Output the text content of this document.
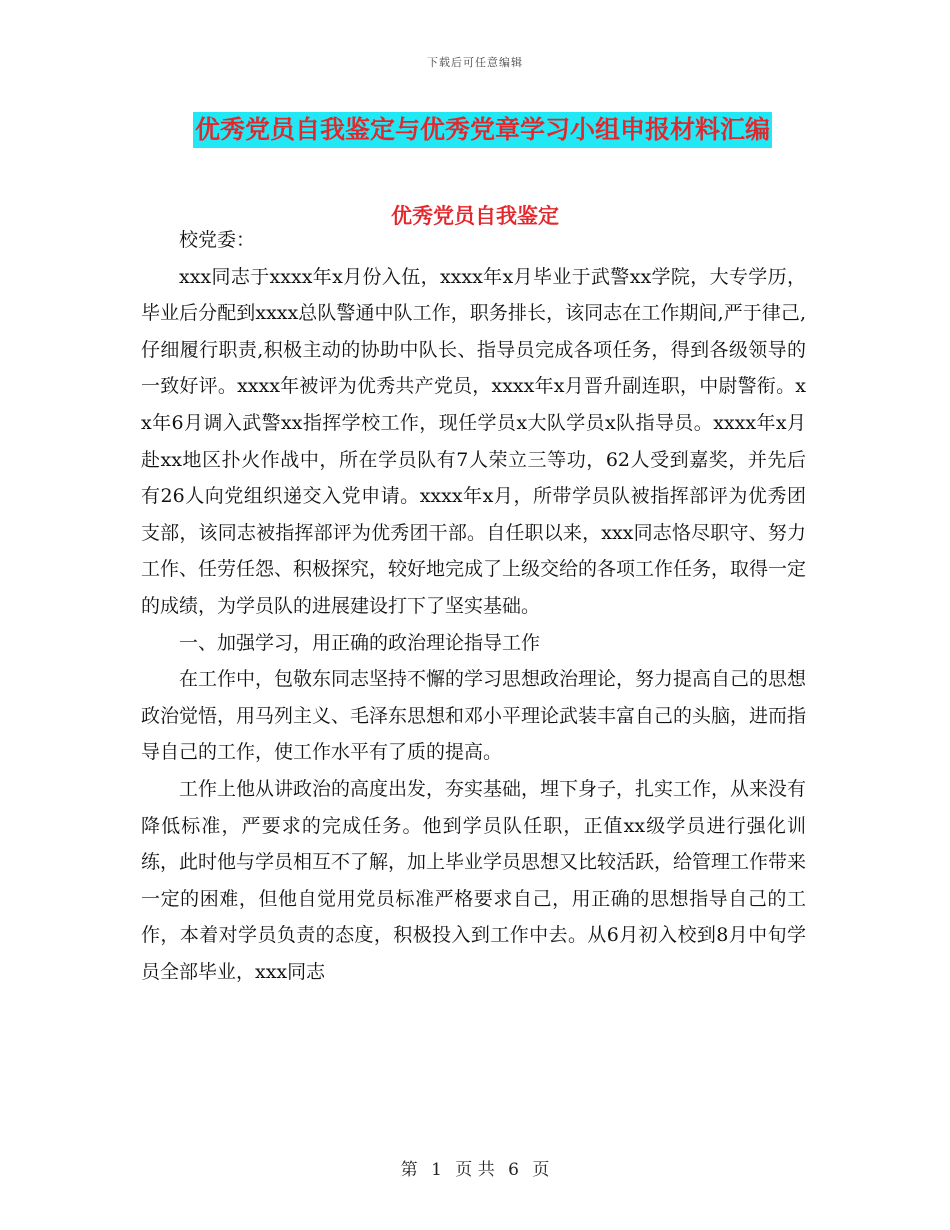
下载后可任意编辑
优秀党员自我鉴定与优秀党章学习小组申报材料汇编
优秀党员自我鉴定

校党委：

xxx同志于xxxx年x月份入伍，xxxx年x月毕业于武警xx学院，大专学历，毕业后分配到xxxx总队警通中队工作，职务排长，该同志在工作期间,严于律己,仔细履行职责,积极主动的协助中队长、指导员完成各项任务，得到各级领导的一致好评。xxxx年被评为优秀共产党员，xxxx年x月晋升副连职，中尉警衔。xx年6月调入武警xx指挥学校工作，现任学员x大队学员x队指导员。xxxx年x月赴xx地区扑火作战中，所在学员队有7人荣立三等功，62人受到嘉奖，并先后有26人向党组织递交入党申请。xxxx年x月，所带学员队被指挥部评为优秀团支部，该同志被指挥部评为优秀团干部。自任职以来，xxx同志恪尽职守、努力工作、任劳任怨、积极探究，较好地完成了上级交给的各项工作任务，取得一定的成绩，为学员队的进展建设打下了坚实基础。

一、加强学习，用正确的政治理论指导工作

在工作中，包敬东同志坚持不懈的学习思想政治理论，努力提高自己的思想政治觉悟，用马列主义、毛泽东思想和邓小平理论武装丰富自己的头脑，进而指导自己的工作，使工作水平有了质的提高。

工作上他从讲政治的高度出发，夯实基础，埋下身子，扎实工作，从来没有降低标准，严要求的完成任务。他到学员队任职，正值xx级学员进行强化训练，此时他与学员相互不了解，加上毕业学员思想又比较活跃，给管理工作带来一定的困难，但他自觉用党员标准严格要求自己，用正确的思想指导自己的工作，本着对学员负责的态度，积极投入到工作中去。从6月初入校到8月中旬学员全部毕业，xxx同志

第 1 页 共 6 页
